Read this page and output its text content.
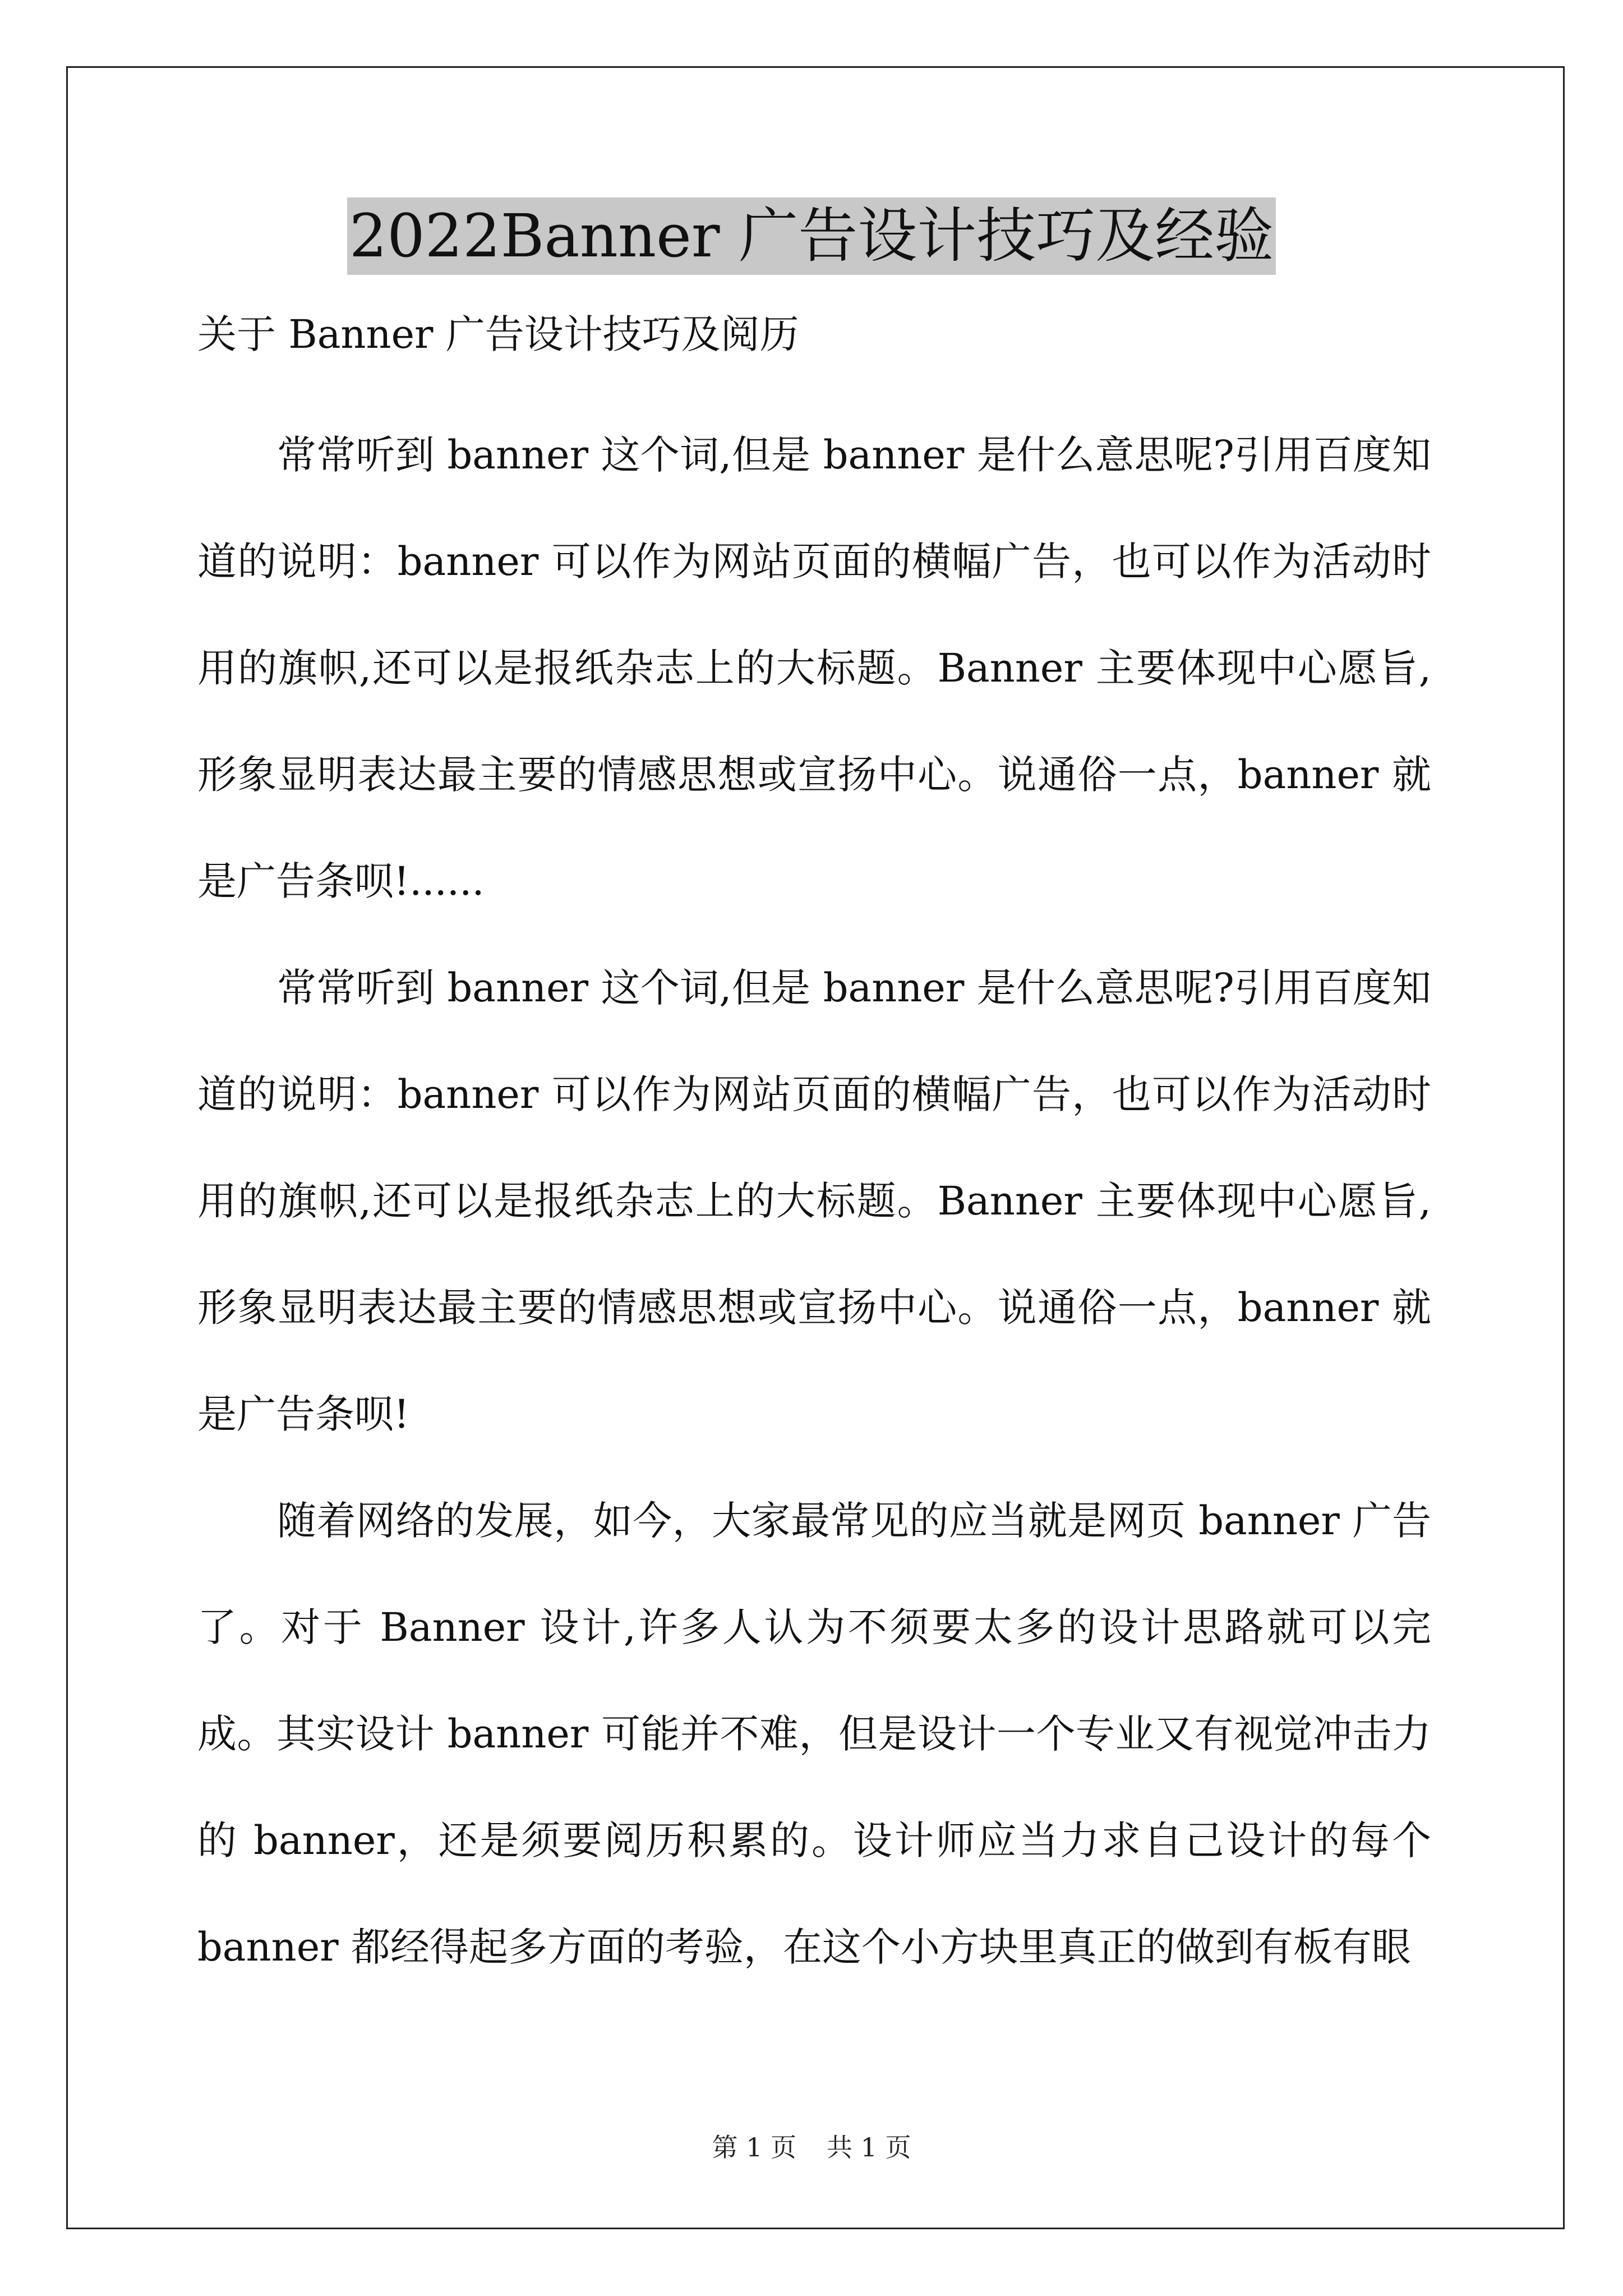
2022Banner 广告设计技巧及经验

关于 Banner 广告设计技巧及阅历

常常听到 banner 这个词,但是 banner 是什么意思呢?引用百度知道的说明：banner 可以作为网站页面的横幅广告，也可以作为活动时用的旗帜,还可以是报纸杂志上的大标题。Banner 主要体现中心愿旨,形象显明表达最主要的情感思想或宣扬中心。说通俗一点，banner 就是广告条呗!......

常常听到 banner 这个词,但是 banner 是什么意思呢?引用百度知道的说明：banner 可以作为网站页面的横幅广告，也可以作为活动时用的旗帜,还可以是报纸杂志上的大标题。Banner 主要体现中心愿旨,形象显明表达最主要的情感思想或宣扬中心。说通俗一点，banner 就是广告条呗!

随着网络的发展，如今，大家最常见的应当就是网页 banner 广告了。对于 Banner 设计,许多人认为不须要太多的设计思路就可以完成。其实设计 banner 可能并不难，但是设计一个专业又有视觉冲击力的 banner，还是须要阅历积累的。设计师应当力求自己设计的每个 banner 都经得起多方面的考验，在这个小方块里真正的做到有板有眼

第 1 页 共 1 页
